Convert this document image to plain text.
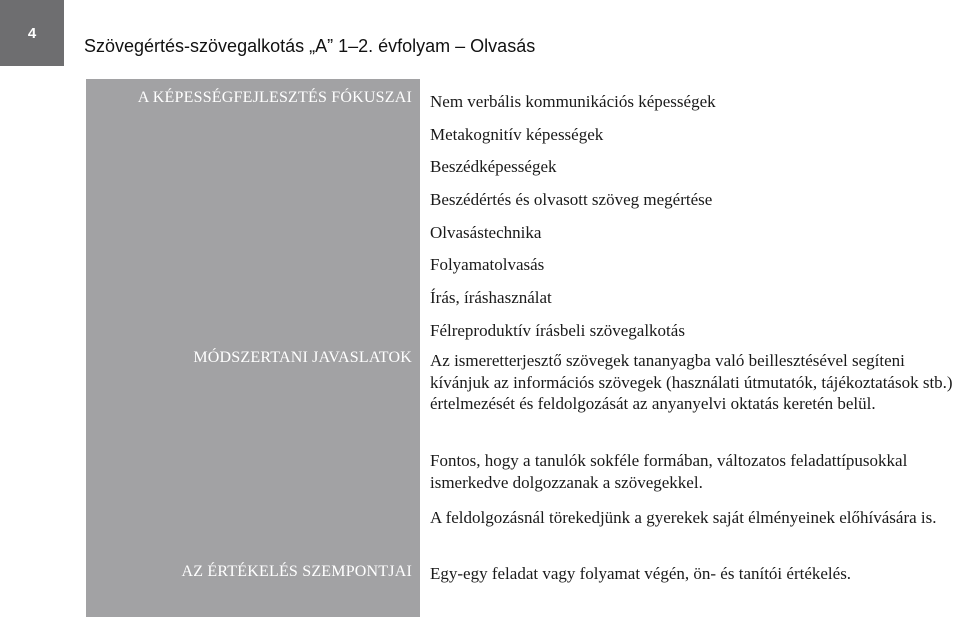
4
Szövegértés-szövegalkotás „A” 1–2. évfolyam – Olvasás
A KÉPESSÉGFEJLESZTÉS FÓKUSZAI
MÓDSZERTANI JAVASLATOK
AZ ÉRTÉKELÉS SZEMPONTJAI
Nem verbális kommunikációs képességek
Metakognitív képességek
Beszédképességek
Beszédértés és olvasott szöveg megértése
Olvasástechnika
Folyamatolvasás
Írás, íráshasználat
Félreproduktív írásbeli szövegalkotás

Az ismeretterjesztő szövegek tananyagba való beillesztésével segíteni kívánjuk az információs szövegek (használati útmutatók, tájékoztatások stb.) értelmezését és feldolgozását az anyanyelvi oktatás keretén belül.

Fontos, hogy a tanulók sokféle formában, változatos feladattípusokkal ismerkedve dolgozzanak a szövegekkel.

A feldolgozásnál törekedjünk a gyerekek saját élményeinek előhívására is.

Egy-egy feladat vagy folyamat végén, ön- és tanítói értékelés.
